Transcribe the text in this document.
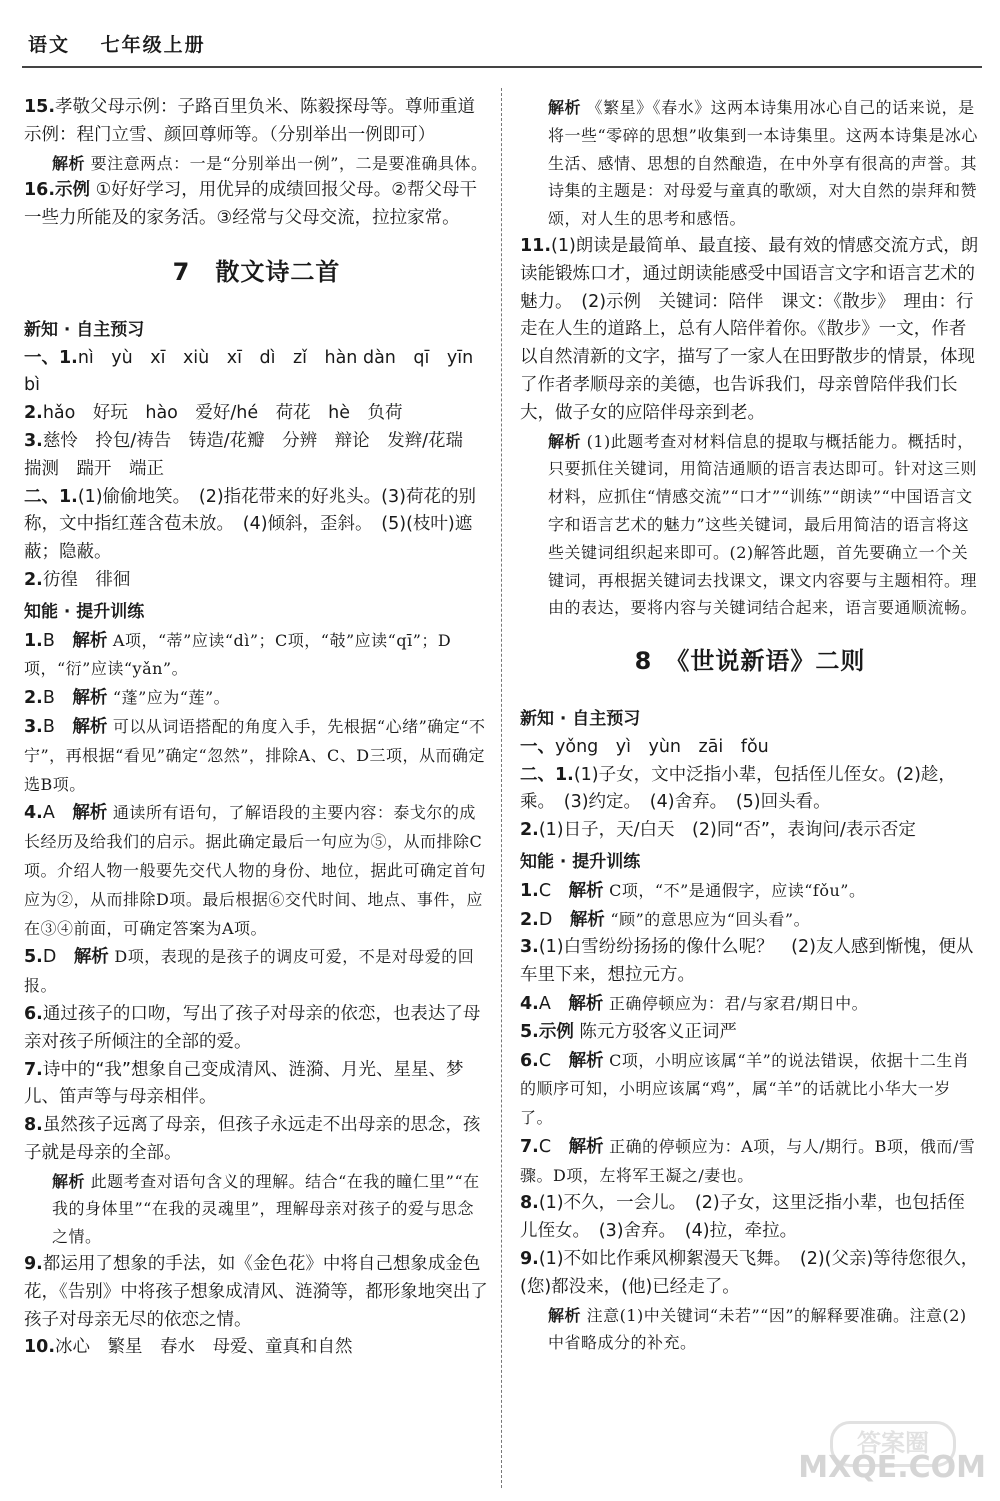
语文 七年级上册
15.孝敬父母示例：子路百里负米、陈毅探母等。尊师重道示例：程门立雪、颜回尊师等。（分别举出一例即可）
解析 要注意两点：一是“分别举出一例”，二是要准确具体。
16.示例 ①好好学习，用优异的成绩回报父母。②帮父母干一些力所能及的家务活。③经常与父母交流，拉拉家常。
7　散文诗二首
新知 · 自主预习
一、1.nì　yù　xī　xiù　xī　dì　zǐ　hàn dàn　qī　yīn bì
2.hǎo　好玩　hào　爱好/hé　荷花　hè　负荷
3.慈怜　拎包/祷告　铸造/花瓣　分辨　辩论　发辫/花瑞　揣测　踹开　端正
二、1.(1)偷偷地笑。　(2)指花带来的好兆头。(3)荷花的别称，文中指红莲含苞未放。　(4)倾斜，歪斜。　(5)(枝叶)遮蔽；隐蔽。
2.彷徨　徘徊
知能 · 提升训练
1.B　解析 A项，“蒂”应读“dì”；C项，“攲”应读“qī”；D项，“衍”应读“yǎn”。
2.B　解析 “蓬”应为“莲”。
3.B　解析 可以从词语搭配的角度入手，先根据“心绪”确定“不宁”，再根据“看见”确定“忽然”，排除A、C、D三项，从而确定选B项。
4.A　解析 通读所有语句，了解语段的主要内容：泰戈尔的成长经历及给我们的启示。据此确定最后一句应为⑤，从而排除C项。介绍人物一般要先交代人物的身份、地位，据此可确定首句应为②，从而排除D项。最后根据⑥交代时间、地点、事件，应在③④前面，可确定答案为A项。
5.D　解析 D项，表现的是孩子的调皮可爱，不是对母爱的回报。
6.通过孩子的口吻，写出了孩子对母亲的依恋，也表达了母亲对孩子所倾注的全部的爱。
7.诗中的“我”想象自己变成清风、涟漪、月光、星星、梦儿、笛声等与母亲相伴。
8.虽然孩子远离了母亲，但孩子永远走不出母亲的思念，孩子就是母亲的全部。
解析 此题考查对语句含义的理解。结合“在我的瞳仁里”“在我的身体里”“在我的灵魂里”，理解母亲对孩子的爱与思念之情。
9.都运用了想象的手法，如《金色花》中将自己想象成金色花，《告别》中将孩子想象成清风、涟漪等，都形象地突出了孩子对母亲无尽的依恋之情。
10.冰心　繁星　春水　母爱、童真和自然
解析 《繁星》《春水》这两本诗集用冰心自己的话来说，是将一些“零碎的思想”收集到一本诗集里。这两本诗集是冰心生活、感情、思想的自然酿造，在中外享有很高的声誉。其诗集的主题是：对母爱与童真的歌颂，对大自然的崇拜和赞颂，对人生的思考和感悟。
11.(1)朗读是最简单、最直接、最有效的情感交流方式，朗读能锻炼口才，通过朗读能感受中国语言文字和语言艺术的魅力。　(2)示例　关键词：陪伴　课文：《散步》　理由：行走在人生的道路上，总有人陪伴着你。《散步》一文，作者以自然清新的文字，描写了一家人在田野散步的情景，体现了作者孝顺母亲的美德，也告诉我们，母亲曾陪伴我们长大，做子女的应陪伴母亲到老。
解析 (1)此题考查对材料信息的提取与概括能力。概括时，只要抓住关键词，用简洁通顺的语言表达即可。针对这三则材料，应抓住“情感交流”“口才”“训练”“朗读”“中国语言文字和语言艺术的魅力”这些关键词，最后用简洁的语言将这些关键词组织起来即可。(2)解答此题，首先要确立一个关键词，再根据关键词去找课文，课文内容要与主题相符。理由的表达，要将内容与关键词结合起来，语言要通顺流畅。
8　《世说新语》二则
新知 · 自主预习
一、yǒng　yì　yùn　zāi　fǒu
二、1.(1)子女，文中泛指小辈，包括侄儿侄女。(2)趁，乘。　(3)约定。　(4)舍弃。　(5)回头看。
2.(1)日子，天/白天　(2)同“否”，表询问/表示否定
知能 · 提升训练
1.C　解析 C项，“不”是通假字，应读“fǒu”。
2.D　解析 “顾”的意思应为“回头看”。
3.(1)白雪纷纷扬扬的像什么呢？　(2)友人感到惭愧，便从车里下来，想拉元方。
4.A　解析 正确停顿应为：君/与家君/期日中。
5.示例 陈元方驳客义正词严
6.C　解析 C项，小明应该属“羊”的说法错误，依据十二生肖的顺序可知，小明应该属“鸡”，属“羊”的话就比小华大一岁了。
7.C　解析 正确的停顿应为：A项，与人/期行。B项，俄而/雪骤。D项，左将军王凝之/妻也。
8.(1)不久，一会儿。　(2)子女，这里泛指小辈，也包括侄儿侄女。　(3)舍弃。　(4)拉，牵拉。
9.(1)不如比作乘风柳絮漫天飞舞。　(2)(父亲)等待您很久，(您)都没来，(他)已经走了。
解析 注意(1)中关键词“未若”“因”的解释要准确。注意(2)中省略成分的补充。
答案圈
MXQE.COM
